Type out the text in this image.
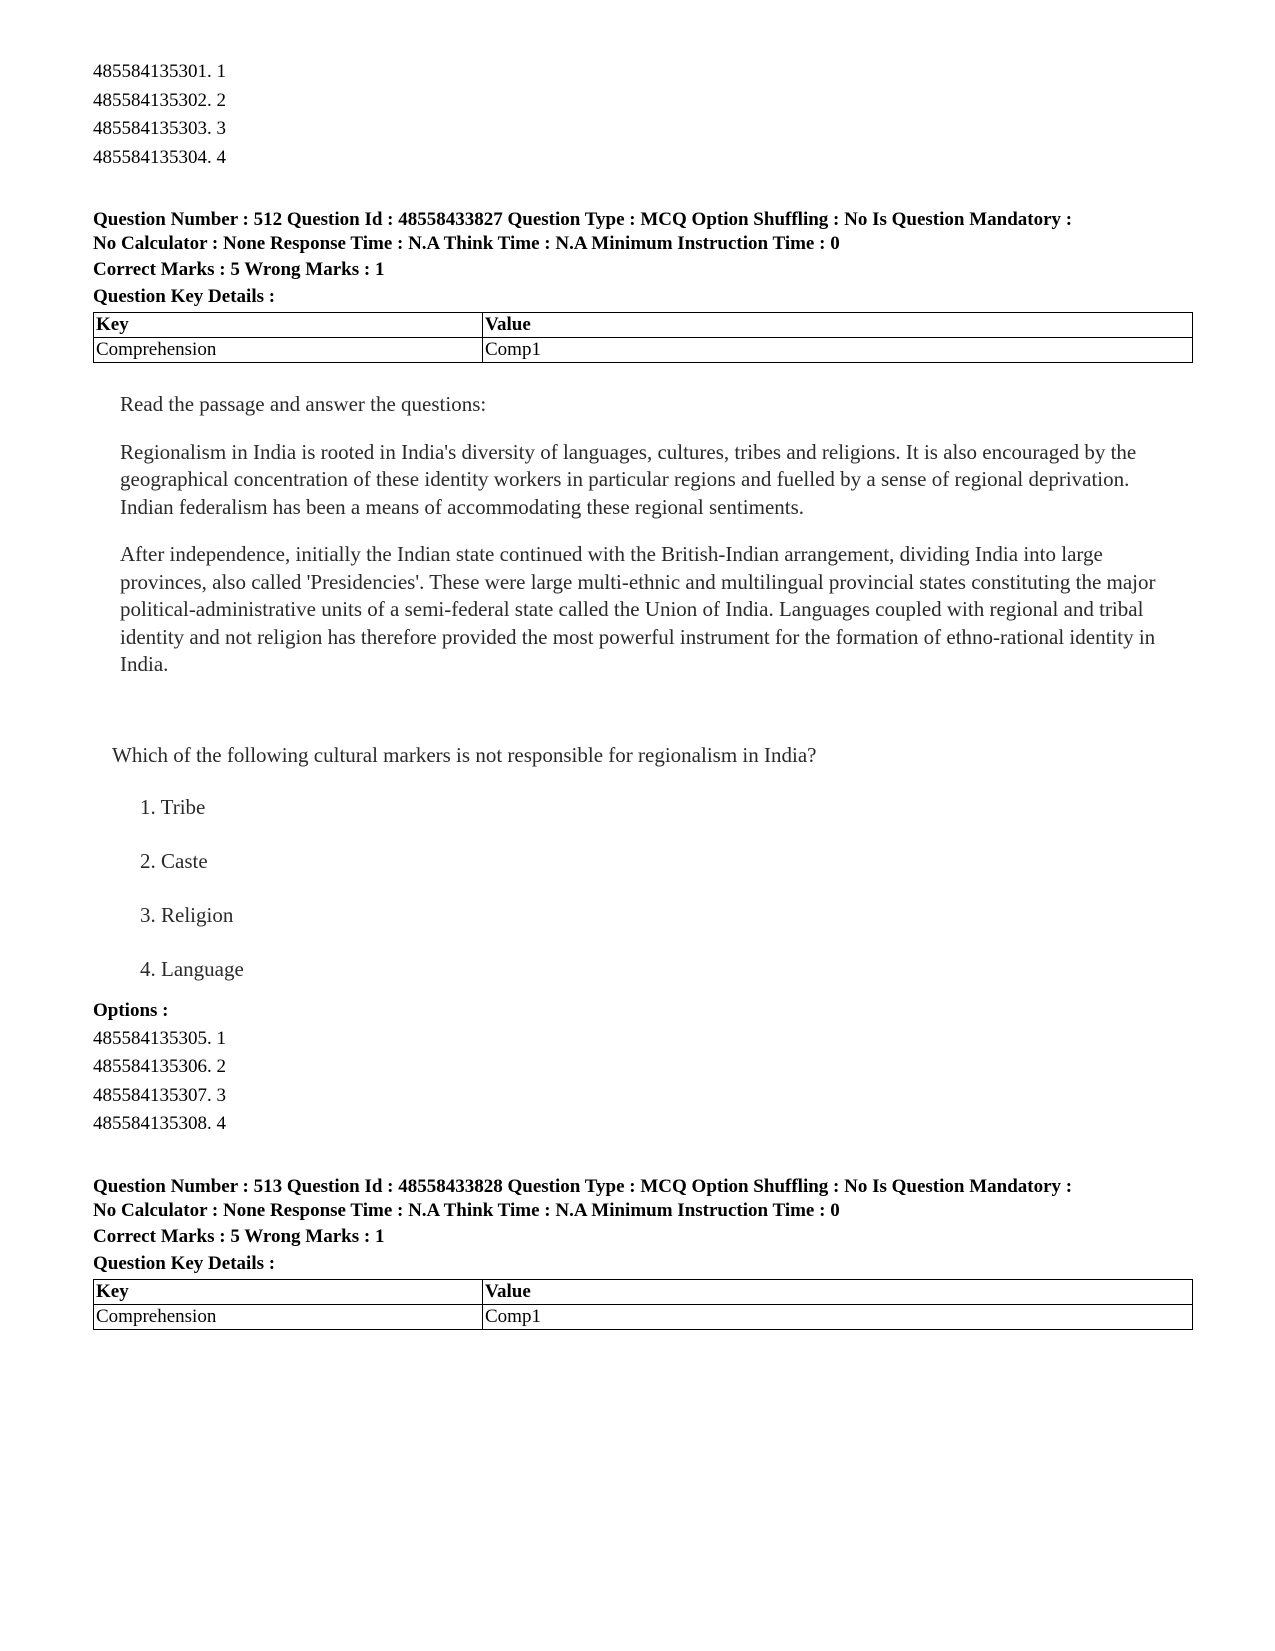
485584135301. 1

485584135302. 2

485584135303. 3

485584135304. 4

Question Number : 512 Question Id : 48558433827 Question Type : MCQ Option Shuffling : No Is Question Mandatory :

No Calculator : None Response Time : N.A Think Time : N.A Minimum Instruction Time : 0

Correct Marks : 5 Wrong Marks : 1

Question Key Details :

Key	Value
Comprehension	Comp1

Read the passage and answer the questions:

Regionalism in India is rooted in India's diversity of languages, cultures, tribes and religions. It is also encouraged by the geographical concentration of these identity workers in particular regions and fuelled by a sense of regional deprivation. Indian federalism has been a means of accommodating these regional sentiments.

After independence, initially the Indian state continued with the British-Indian arrangement, dividing India into large provinces, also called 'Presidencies'. These were large multi-ethnic and multilingual provincial states constituting the major political-administrative units of a semi-federal state called the Union of India. Languages coupled with regional and tribal identity and not religion has therefore provided the most powerful instrument for the formation of ethno-rational identity in India.

Which of the following cultural markers is not responsible for regionalism in India?
1. Tribe
2. Caste
3. Religion
4. Language

Options :

485584135305. 1

485584135306. 2

485584135307. 3

485584135308. 4

Question Number : 513 Question Id : 48558433828 Question Type : MCQ Option Shuffling : No Is Question Mandatory :

No Calculator : None Response Time : N.A Think Time : N.A Minimum Instruction Time : 0

Correct Marks : 5 Wrong Marks : 1

Question Key Details :

Key	Value
Comprehension	Comp1
